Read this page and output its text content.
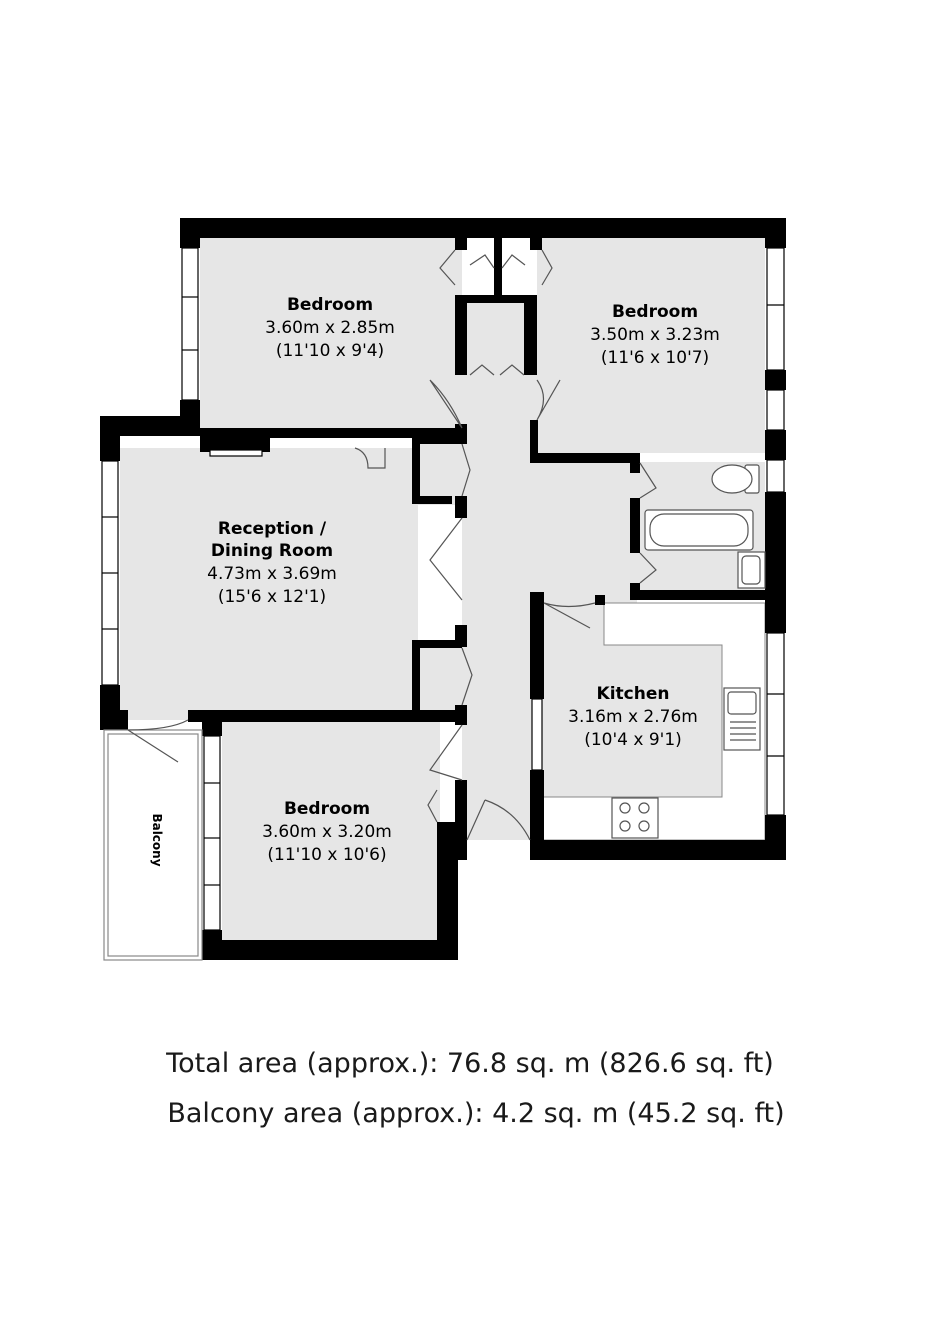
Bedroom
3.60m x 2.85m
(11'10 x 9'4)
Bedroom
3.50m x 3.23m
(11'6 x 10'7)
Reception /
Dining Room
4.73m x 3.69m
(15'6 x 12'1)
Kitchen
3.16m x 2.76m
(10'4 x 9'1)
Bedroom
3.60m x 3.20m
(11'10 x 10'6)
Balcony
Total area (approx.): 76.8 sq. m (826.6 sq. ft)
Balcony area (approx.): 4.2 sq. m (45.2 sq. ft)
